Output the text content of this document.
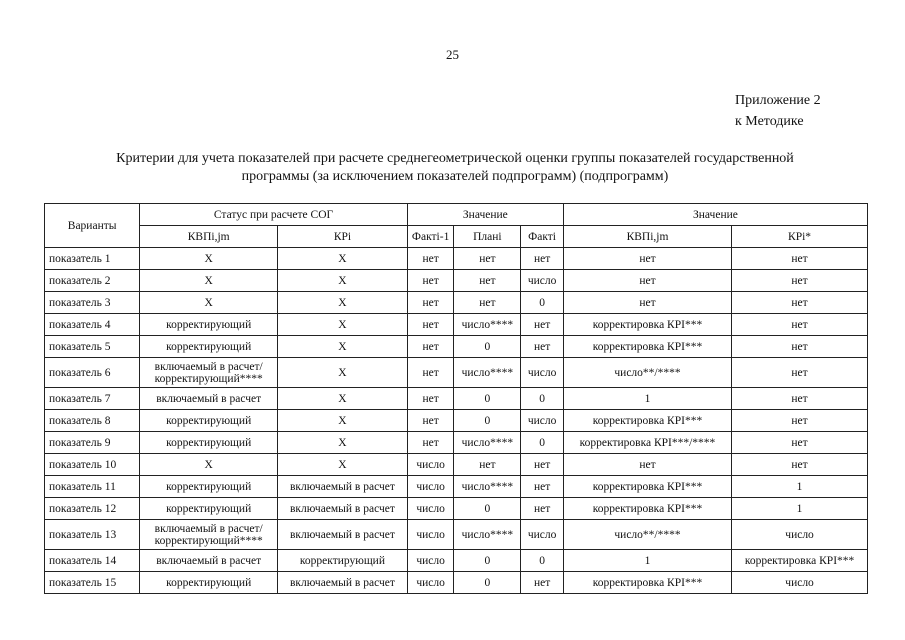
25
Приложение 2
к Методике
Критерии для учета показателей при расчете среднегеометрической оценки группы показателей государственной
программы (за исключением показателей подпрограмм) (подпрограмм)
Варианты	Статус при расчете СОГ		Значение			Значение	
	КВПi,jm	КРi	Фактi-1	Планi	Фактi	КВПi,jm	КРi*
показатель 1	Х	Х	нет	нет	нет	нет	нет
показатель 2	Х	Х	нет	нет	число	нет	нет
показатель 3	Х	Х	нет	нет	0	нет	нет
показатель 4	корректирующий	Х	нет	число****	нет	корректировка КРI***	нет
показатель 5	корректирующий	Х	нет	0	нет	корректировка КРI***	нет
показатель 6	включаемый в расчет/ корректирующий****	Х	нет	число****	число	число**/****	нет
показатель 7	включаемый в расчет	Х	нет	0	0	1	нет
показатель 8	корректирующий	Х	нет	0	число	корректировка КРI***	нет
показатель 9	корректирующий	Х	нет	число****	0	корректировка КРI***/****	нет
показатель 10	Х	Х	число	нет	нет	нет	нет
показатель 11	корректирующий	включаемый в расчет	число	число****	нет	корректировка КРI***	1
показатель 12	корректирующий	включаемый в расчет	число	0	нет	корректировка КРI***	1
показатель 13	включаемый в расчет/ корректирующий****	включаемый в расчет	число	число****	число	число**/****	число
показатель 14	включаемый в расчет	корректирующий	число	0	0	1	корректировка КРI***
показатель 15	корректирующий	включаемый в расчет	число	0	нет	корректировка КРI***	число
